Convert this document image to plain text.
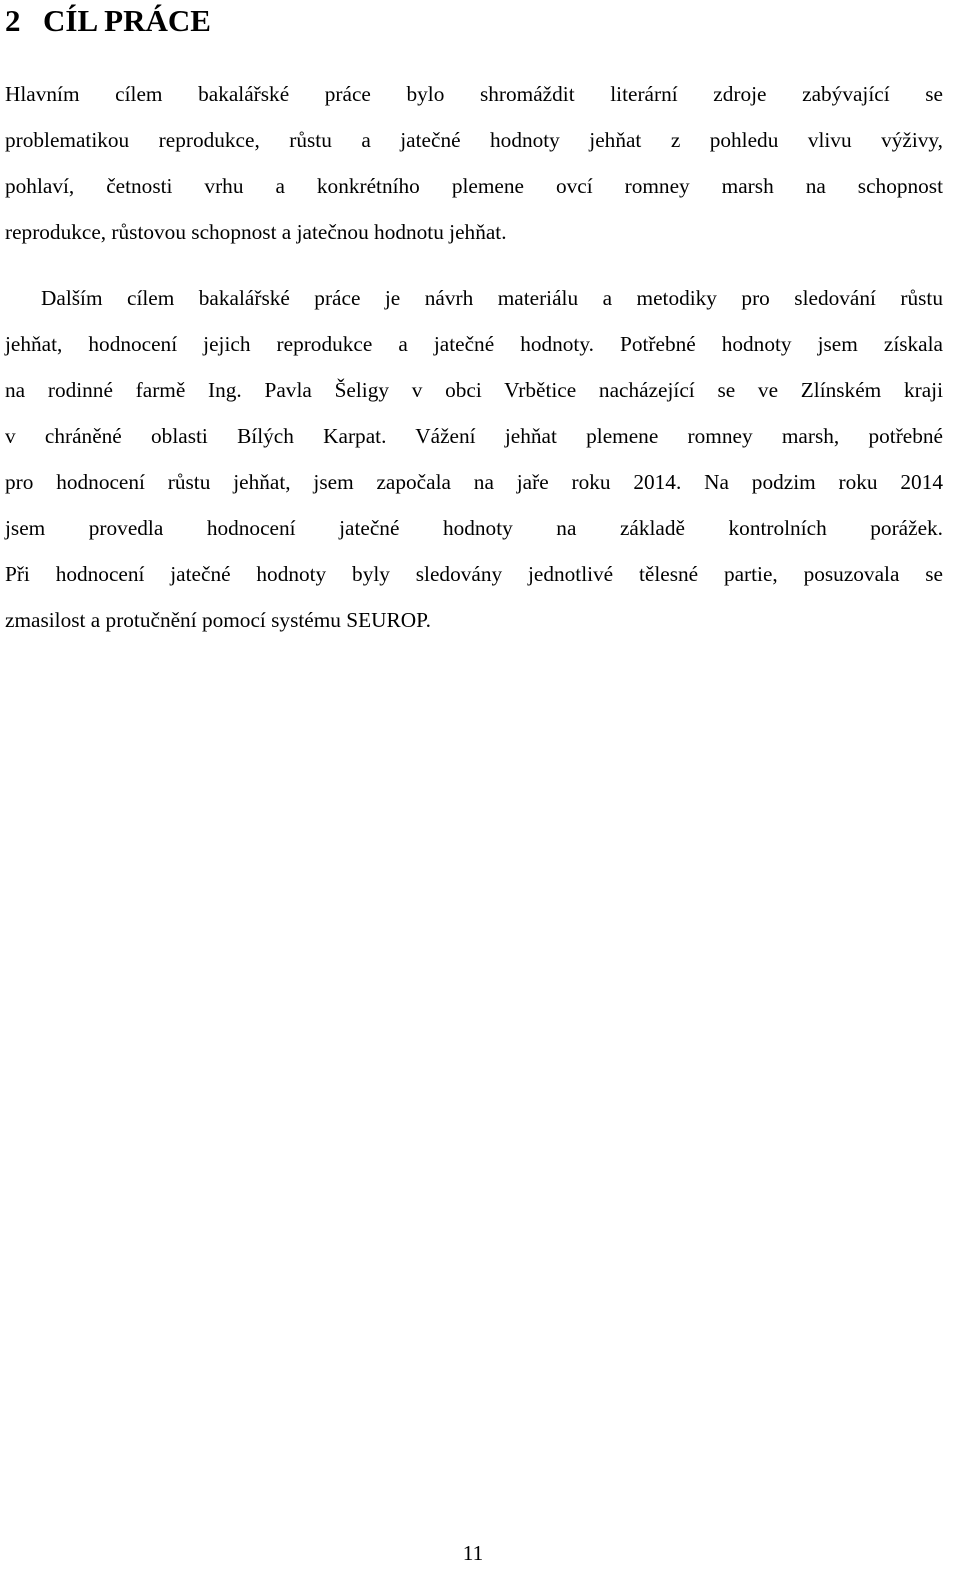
2 CÍL PRÁCE
Hlavním cílem bakalářské práce bylo shromáždit literární zdroje zabývající se
problematikou reprodukce, růstu a jatečné hodnoty jehňat z pohledu vlivu výživy,
pohlaví, četnosti vrhu a konkrétního plemene ovcí romney marsh na schopnost
reprodukce, růstovou schopnost a jatečnou hodnotu jehňat.
Dalším cílem bakalářské práce je návrh materiálu a metodiky pro sledování růstu
jehňat, hodnocení jejich reprodukce a jatečné hodnoty. Potřebné hodnoty jsem získala
na rodinné farmě Ing. Pavla Šeligy v obci Vrbětice nacházející se ve Zlínském kraji
v chráněné oblasti Bílých Karpat. Vážení jehňat plemene romney marsh, potřebné
pro hodnocení růstu jehňat, jsem započala na jaře roku 2014. Na podzim roku 2014
jsem provedla hodnocení jatečné hodnoty na základě kontrolních porážek.
Při hodnocení jatečné hodnoty byly sledovány jednotlivé tělesné partie, posuzovala se
zmasilost a protučnění pomocí systému SEUROP.
11
